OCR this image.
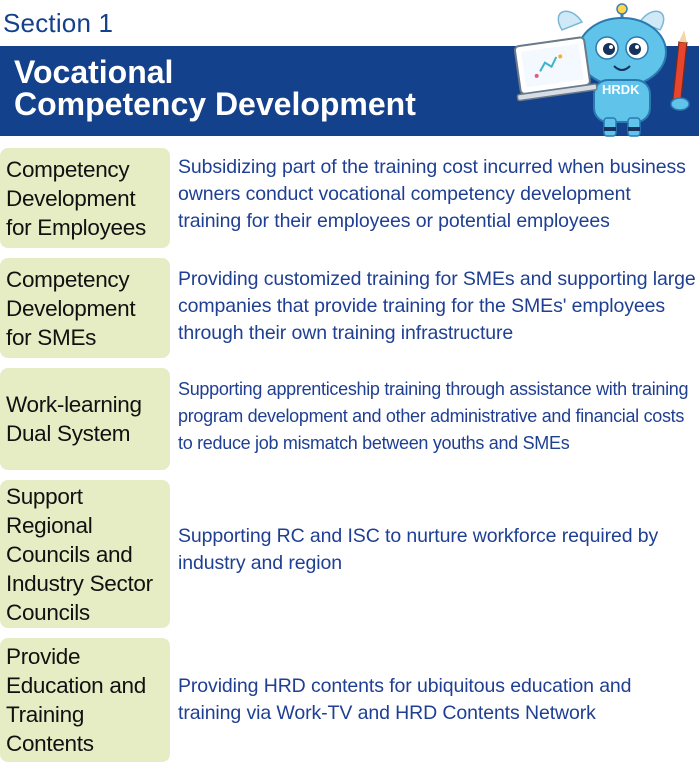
Section 1
Vocational
Competency Development	HRDK
Competency Development for Employees
Subsidizing part of the training cost incurred when business owners conduct vocational competency development training for their employees or potential employees
Competency Development for SMEs
Providing customized training for SMEs and supporting large companies that provide training for the SMEs' employees through their own training infrastructure
Work-learning Dual System
Supporting apprenticeship training through assistance with training program development and other administrative and financial costs to reduce job mismatch between youths and SMEs
Support Regional Councils and Industry Sector Councils
Supporting RC and ISC to nurture workforce required by industry and region
Provide Education and Training Contents
Providing HRD contents for ubiquitous education and training via Work-TV and HRD Contents Network
